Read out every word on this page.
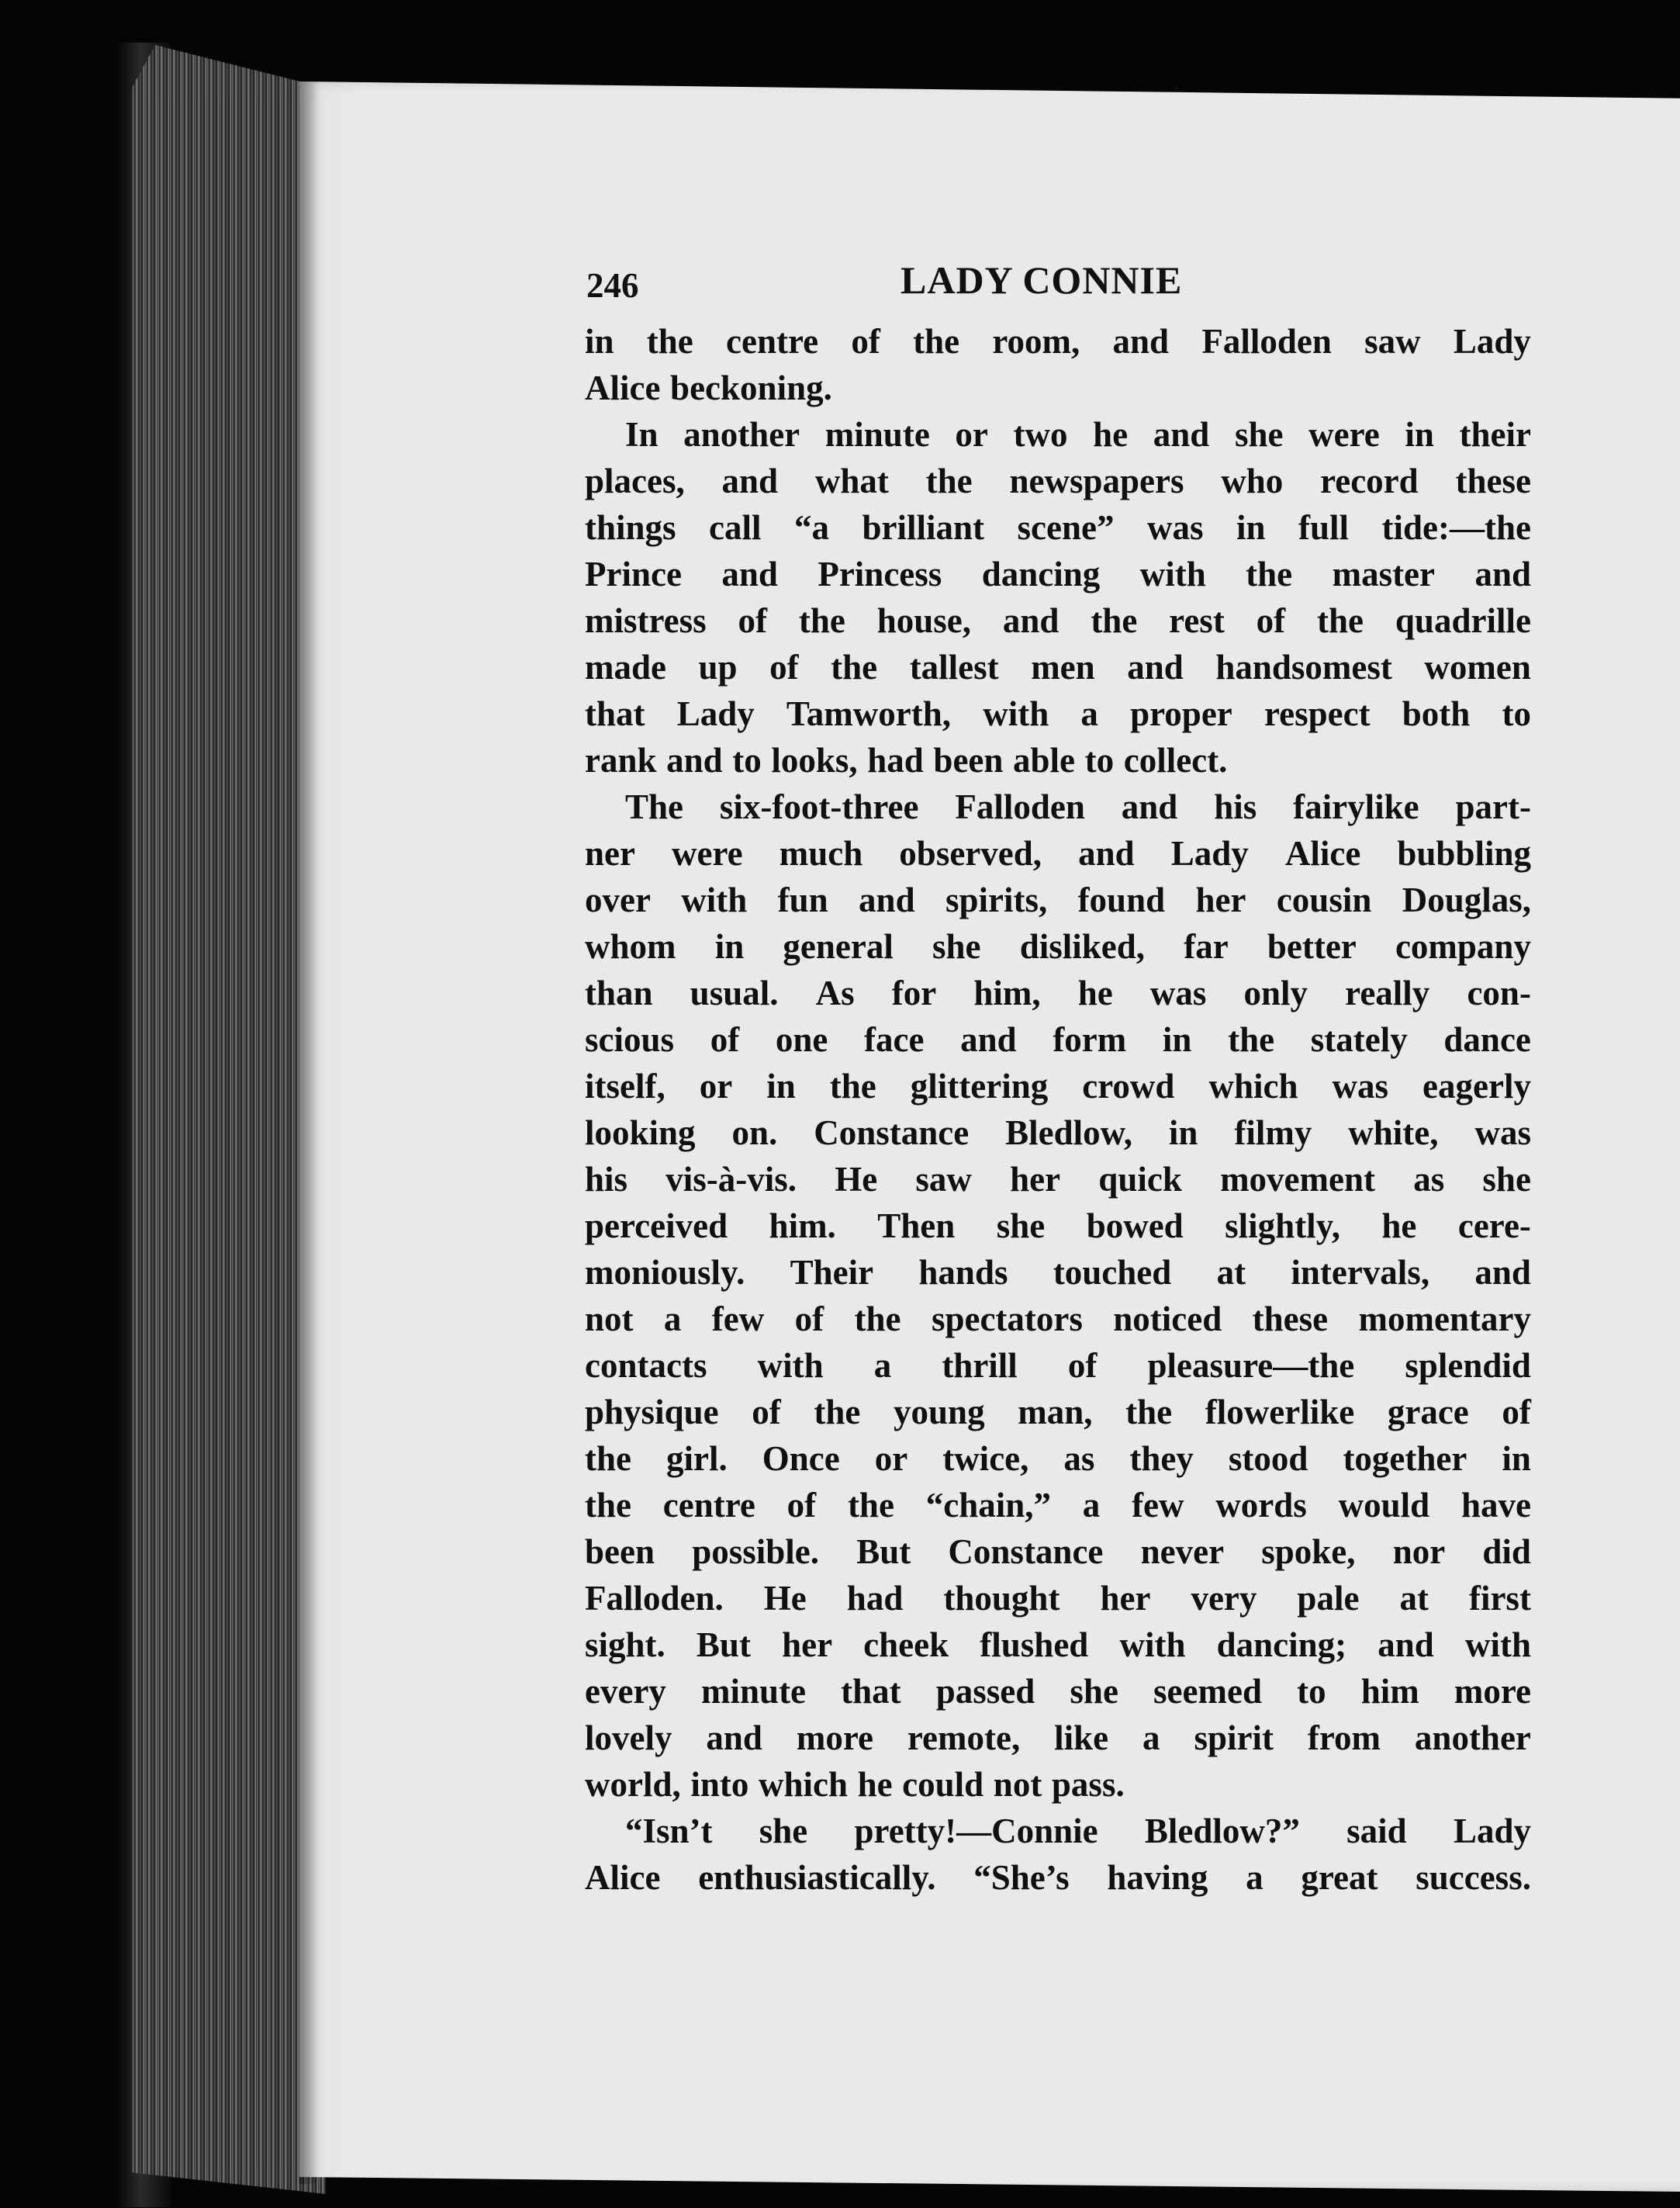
246	LADY CONNIE
in the centre of the room, and Falloden saw Lady
Alice beckoning.
In another minute or two he and she were in their
places, and what the newspapers who record these
things call “a brilliant scene” was in full tide:—the
Prince and Princess dancing with the master and
mistress of the house, and the rest of the quadrille
made up of the tallest men and handsomest women
that Lady Tamworth, with a proper respect both to
rank and to looks, had been able to collect.
The six-foot-three Falloden and his fairylike part-
ner were much observed, and Lady Alice bubbling
over with fun and spirits, found her cousin Douglas,
whom in general she disliked, far better company
than usual. As for him, he was only really con-
scious of one face and form in the stately dance
itself, or in the glittering crowd which was eagerly
looking on. Constance Bledlow, in filmy white, was
his vis-à-vis. He saw her quick movement as she
perceived him. Then she bowed slightly, he cere-
moniously. Their hands touched at intervals, and
not a few of the spectators noticed these momentary
contacts with a thrill of pleasure—the splendid
physique of the young man, the flowerlike grace of
the girl. Once or twice, as they stood together in
the centre of the “chain,” a few words would have
been possible. But Constance never spoke, nor did
Falloden. He had thought her very pale at first
sight. But her cheek flushed with dancing; and with
every minute that passed she seemed to him more
lovely and more remote, like a spirit from another
world, into which he could not pass.
“Isn’t she pretty!—Connie Bledlow?” said Lady
Alice enthusiastically. “She’s having a great success.
